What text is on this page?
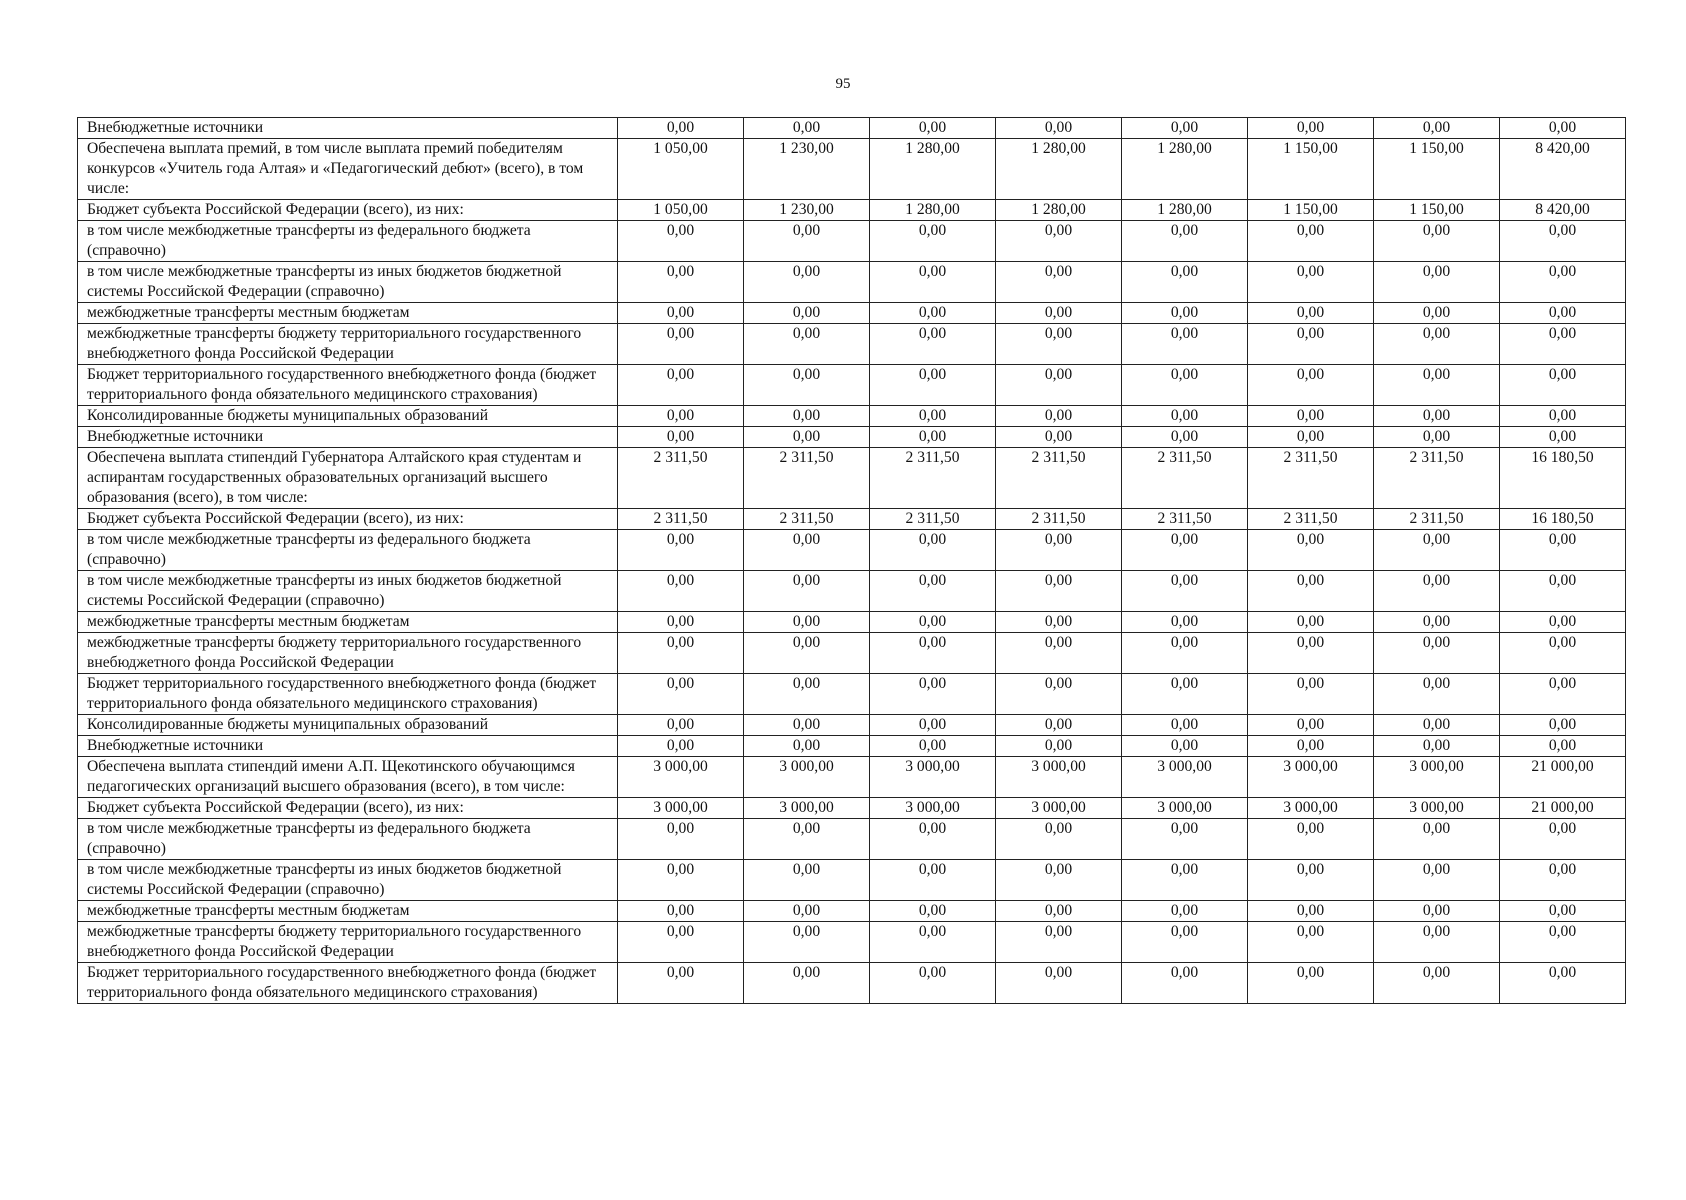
95
Внебюджетные источники	0,00	0,00	0,00	0,00	0,00	0,00	0,00	0,00
Обеспечена выплата премий, в том числе выплата премий победителям конкурсов «Учитель года Алтая» и «Педагогический дебют» (всего), в том числе:	1 050,00	1 230,00	1 280,00	1 280,00	1 280,00	1 150,00	1 150,00	8 420,00
Бюджет субъекта Российской Федерации (всего), из них:	1 050,00	1 230,00	1 280,00	1 280,00	1 280,00	1 150,00	1 150,00	8 420,00
в том числе межбюджетные трансферты из федерального бюджета (справочно)	0,00	0,00	0,00	0,00	0,00	0,00	0,00	0,00
в том числе межбюджетные трансферты из иных бюджетов бюджетной системы Российской Федерации (справочно)	0,00	0,00	0,00	0,00	0,00	0,00	0,00	0,00
межбюджетные трансферты местным бюджетам	0,00	0,00	0,00	0,00	0,00	0,00	0,00	0,00
межбюджетные трансферты бюджету территориального государственного внебюджетного фонда Российской Федерации	0,00	0,00	0,00	0,00	0,00	0,00	0,00	0,00
Бюджет территориального государственного внебюджетного фонда (бюджет территориального фонда обязательного медицинского страхования)	0,00	0,00	0,00	0,00	0,00	0,00	0,00	0,00
Консолидированные бюджеты муниципальных образований	0,00	0,00	0,00	0,00	0,00	0,00	0,00	0,00
Внебюджетные источники	0,00	0,00	0,00	0,00	0,00	0,00	0,00	0,00
Обеспечена выплата стипендий Губернатора Алтайского края студентам и аспирантам государственных образовательных организаций высшего образования (всего), в том числе:	2 311,50	2 311,50	2 311,50	2 311,50	2 311,50	2 311,50	2 311,50	16 180,50
Бюджет субъекта Российской Федерации (всего), из них:	2 311,50	2 311,50	2 311,50	2 311,50	2 311,50	2 311,50	2 311,50	16 180,50
в том числе межбюджетные трансферты из федерального бюджета (справочно)	0,00	0,00	0,00	0,00	0,00	0,00	0,00	0,00
в том числе межбюджетные трансферты из иных бюджетов бюджетной системы Российской Федерации (справочно)	0,00	0,00	0,00	0,00	0,00	0,00	0,00	0,00
межбюджетные трансферты местным бюджетам	0,00	0,00	0,00	0,00	0,00	0,00	0,00	0,00
межбюджетные трансферты бюджету территориального государственного внебюджетного фонда Российской Федерации	0,00	0,00	0,00	0,00	0,00	0,00	0,00	0,00
Бюджет территориального государственного внебюджетного фонда (бюджет территориального фонда обязательного медицинского страхования)	0,00	0,00	0,00	0,00	0,00	0,00	0,00	0,00
Консолидированные бюджеты муниципальных образований	0,00	0,00	0,00	0,00	0,00	0,00	0,00	0,00
Внебюджетные источники	0,00	0,00	0,00	0,00	0,00	0,00	0,00	0,00
Обеспечена выплата стипендий имени А.П. Щекотинского обучающимся педагогических организаций высшего образования (всего), в том числе:	3 000,00	3 000,00	3 000,00	3 000,00	3 000,00	3 000,00	3 000,00	21 000,00
Бюджет субъекта Российской Федерации (всего), из них:	3 000,00	3 000,00	3 000,00	3 000,00	3 000,00	3 000,00	3 000,00	21 000,00
в том числе межбюджетные трансферты из федерального бюджета (справочно)	0,00	0,00	0,00	0,00	0,00	0,00	0,00	0,00
в том числе межбюджетные трансферты из иных бюджетов бюджетной системы Российской Федерации (справочно)	0,00	0,00	0,00	0,00	0,00	0,00	0,00	0,00
межбюджетные трансферты местным бюджетам	0,00	0,00	0,00	0,00	0,00	0,00	0,00	0,00
межбюджетные трансферты бюджету территориального государственного внебюджетного фонда Российской Федерации	0,00	0,00	0,00	0,00	0,00	0,00	0,00	0,00
Бюджет территориального государственного внебюджетного фонда (бюджет территориального фонда обязательного медицинского страхования)	0,00	0,00	0,00	0,00	0,00	0,00	0,00	0,00
